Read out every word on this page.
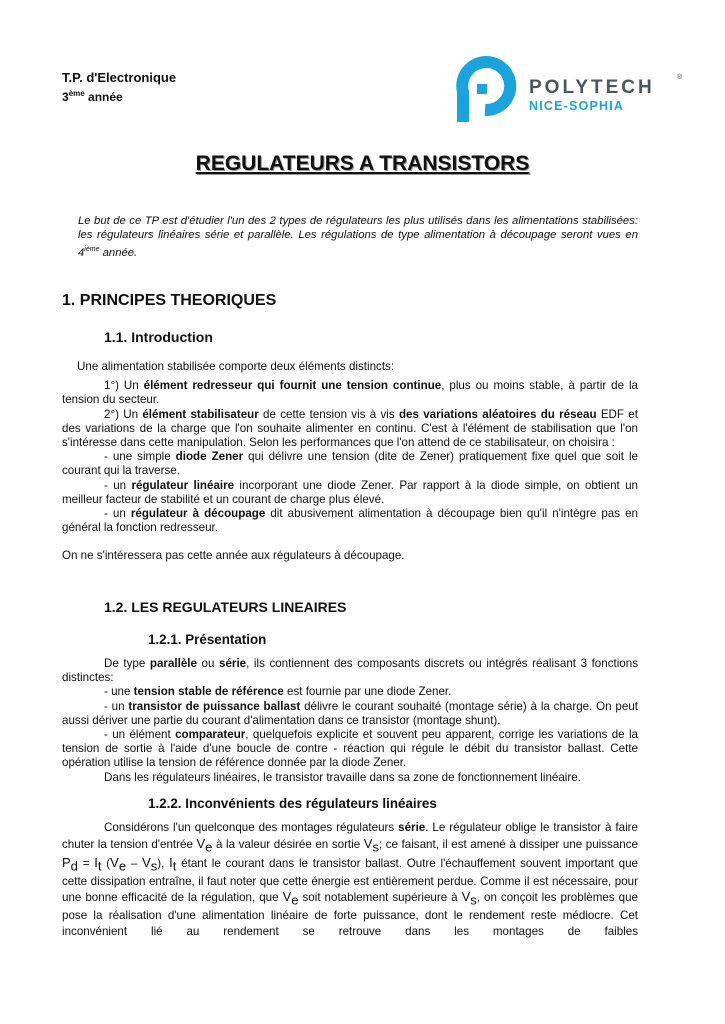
T.P. d'Electronique
3ème année	POLYTECH	®
NICE-SOPHIA
REGULATEURS A TRANSISTORS
Le but de ce TP est d'étudier l'un des 2 types de régulateurs les plus utilisés dans les alimentations stabilisées: les régulateurs linéaires série et parallèle. Les régulations de type alimentation à découpage seront vues en 4ième année.
1. PRINCIPES THEORIQUES
1.1. Introduction

Une alimentation stabilisée comporte deux éléments distincts:

1°) Un élément redresseur qui fournit une tension continue, plus ou moins stable, à partir de la tension du secteur.

2°) Un élément stabilisateur de cette tension vis à vis des variations aléatoires du réseau EDF et des variations de la charge que l'on souhaite alimenter en continu. C'est à l'élément de stabilisation que l'on s'intéresse dans cette manipulation. Selon les performances que l'on attend de ce stabilisateur, on choisira :

- une simple diode Zener qui délivre une tension (dite de Zener) pratiquement fixe quel que soit le courant qui la traverse.

- un régulateur linéaire incorporant une diode Zener. Par rapport à la diode simple, on obtient un meilleur facteur de stabilité et un courant de charge plus élevé.

- un régulateur à découpage dit abusivement alimentation à découpage bien qu'il n'intègre pas en général la fonction redresseur.

On ne s'intéressera pas cette année aux régulateurs à découpage.

1.2. LES REGULATEURS LINEAIRES
1.2.1. Présentation

De type parallèle ou série, ils contiennent des composants discrets ou intégrés réalisant 3 fonctions distinctes:

- une tension stable de référence est fournie par une diode Zener.

- un transistor de puissance ballast délivre le courant souhaité (montage série) à la charge. On peut aussi dériver une partie du courant d'alimentation dans ce transistor (montage shunt).

- un élément comparateur, quelquefois explicite et souvent peu apparent, corrige les variations de la tension de sortie à l'aide d'une boucle de contre - réaction qui régule le débit du transistor ballast. Cette opération utilise la tension de référence donnée par la diode Zener.

Dans les régulateurs linéaires, le transistor travaille dans sa zone de fonctionnement linéaire.

1.2.2. Inconvénients des régulateurs linéaires

Considérons l'un quelconque des montages régulateurs série. Le régulateur oblige le transistor à faire chuter la tension d'entrée $V_e$ à la valeur désirée en sortie $V_s$; ce faisant, il est amené à dissiper une puissance $P_d = I_t$ $(V_e - V_s)$, $I_t$ étant le courant dans le transistor ballast. Outre l'échauffement souvent important que cette dissipation entraîne, il faut noter que cette énergie est entièrement perdue. Comme il est nécessaire, pour une bonne efficacité de la régulation, que $V_e$ soit notablement supérieure à $V_s$, on conçoit les problèmes que pose la réalisation d'une alimentation linéaire de forte puissance, dont le rendement reste médiocre. Cet inconvénient lié au rendement se retrouve dans les montages de faibles
